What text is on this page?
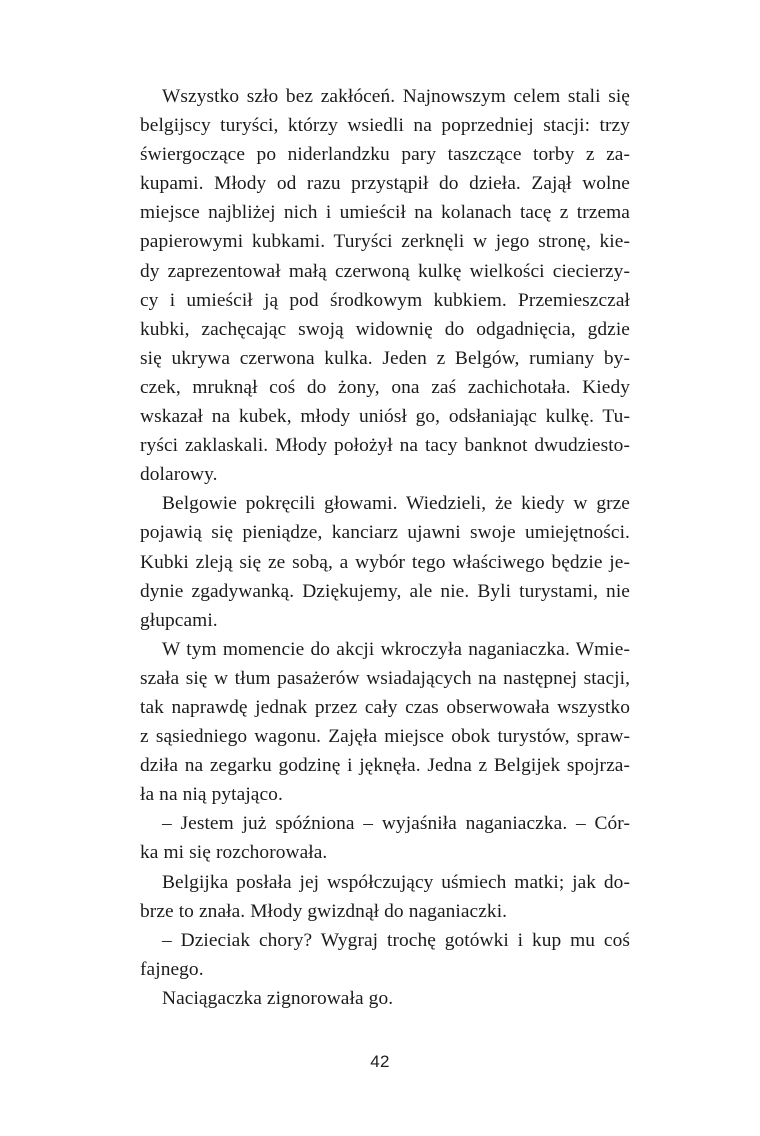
Wszystko szło bez zakłóceń. Najnowszym celem stali się
belgijscy turyści, którzy wsiedli na poprzedniej stacji: trzy
świergoczące po niderlandzku pary taszczące torby z za-
kupami. Młody od razu przystąpił do dzieła. Zajął wolne
miejsce najbliżej nich i umieścił na kolanach tacę z trzema
papierowymi kubkami. Turyści zerknęli w jego stronę, kie-
dy zaprezentował małą czerwoną kulkę wielkości ciecierzy-
cy i umieścił ją pod środkowym kubkiem. Przemieszczał
kubki, zachęcając swoją widownię do odgadnięcia, gdzie
się ukrywa czerwona kulka. Jeden z Belgów, rumiany by-
czek, mruknął coś do żony, ona zaś zachichotała. Kiedy
wskazał na kubek, młody uniósł go, odsłaniając kulkę. Tu-
ryści zaklaskali. Młody położył na tacy banknot dwudziesto-
dolarowy.

Belgowie pokręcili głowami. Wiedzieli, że kiedy w grze
pojawią się pieniądze, kanciarz ujawni swoje umiejętności.
Kubki zleją się ze sobą, a wybór tego właściwego będzie je-
dynie zgadywanką. Dziękujemy, ale nie. Byli turystami, nie
głupcami.

W tym momencie do akcji wkroczyła naganiaczka. Wmie-
szała się w tłum pasażerów wsiadających na następnej stacji,
tak naprawdę jednak przez cały czas obserwowała wszystko
z sąsiedniego wagonu. Zajęła miejsce obok turystów, spraw-
dziła na zegarku godzinę i jęknęła. Jedna z Belgijek spojrza-
ła na nią pytająco.

– Jestem już spóźniona – wyjaśniła naganiaczka. – Cór-
ka mi się rozchorowała.

Belgijka posłała jej współczujący uśmiech matki; jak do-
brze to znała. Młody gwizdnął do naganiaczki.

– Dzieciak chory? Wygraj trochę gotówki i kup mu coś
fajnego.

Naciągaczka zignorowała go.

42
